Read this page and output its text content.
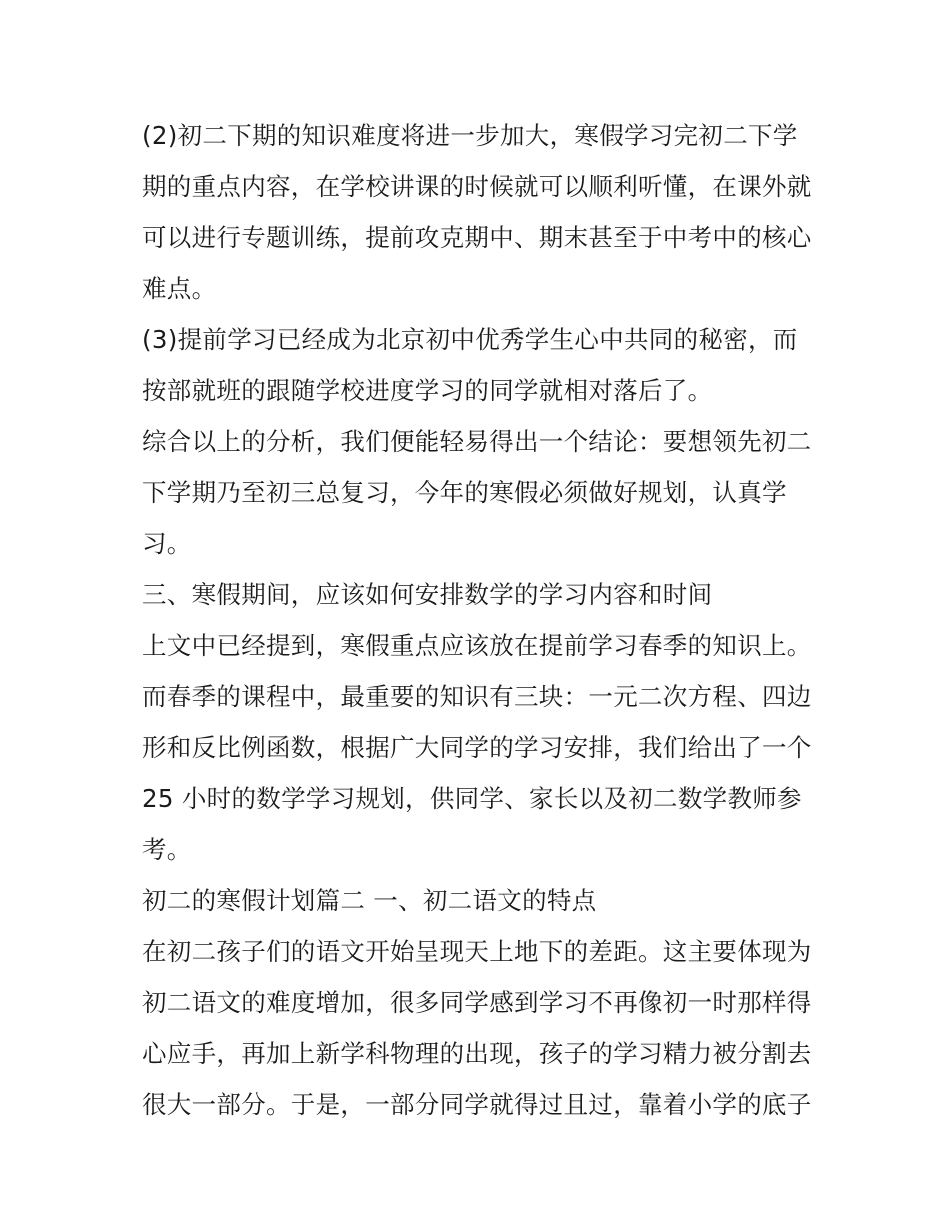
(2)初二下期的知识难度将进一步加大，寒假学习完初二下学
期的重点内容，在学校讲课的时候就可以顺利听懂，在课外就
可以进行专题训练，提前攻克期中、期末甚至于中考中的核心
难点。
(3)提前学习已经成为北京初中优秀学生心中共同的秘密，而
按部就班的跟随学校进度学习的同学就相对落后了。
综合以上的分析，我们便能轻易得出一个结论：要想领先初二
下学期乃至初三总复习，今年的寒假必须做好规划，认真学
习。
三、寒假期间，应该如何安排数学的学习内容和时间
上文中已经提到，寒假重点应该放在提前学习春季的知识上。
而春季的课程中，最重要的知识有三块：一元二次方程、四边
形和反比例函数，根据广大同学的学习安排，我们给出了一个
25 小时的数学学习规划，供同学、家长以及初二数学教师参
考。
初二的寒假计划篇二 一、初二语文的特点
在初二孩子们的语文开始呈现天上地下的差距。这主要体现为
初二语文的难度增加，很多同学感到学习不再像初一时那样得
心应手，再加上新学科物理的出现，孩子的学习精力被分割去
很大一部分。于是，一部分同学就得过且过，靠着小学的底子
